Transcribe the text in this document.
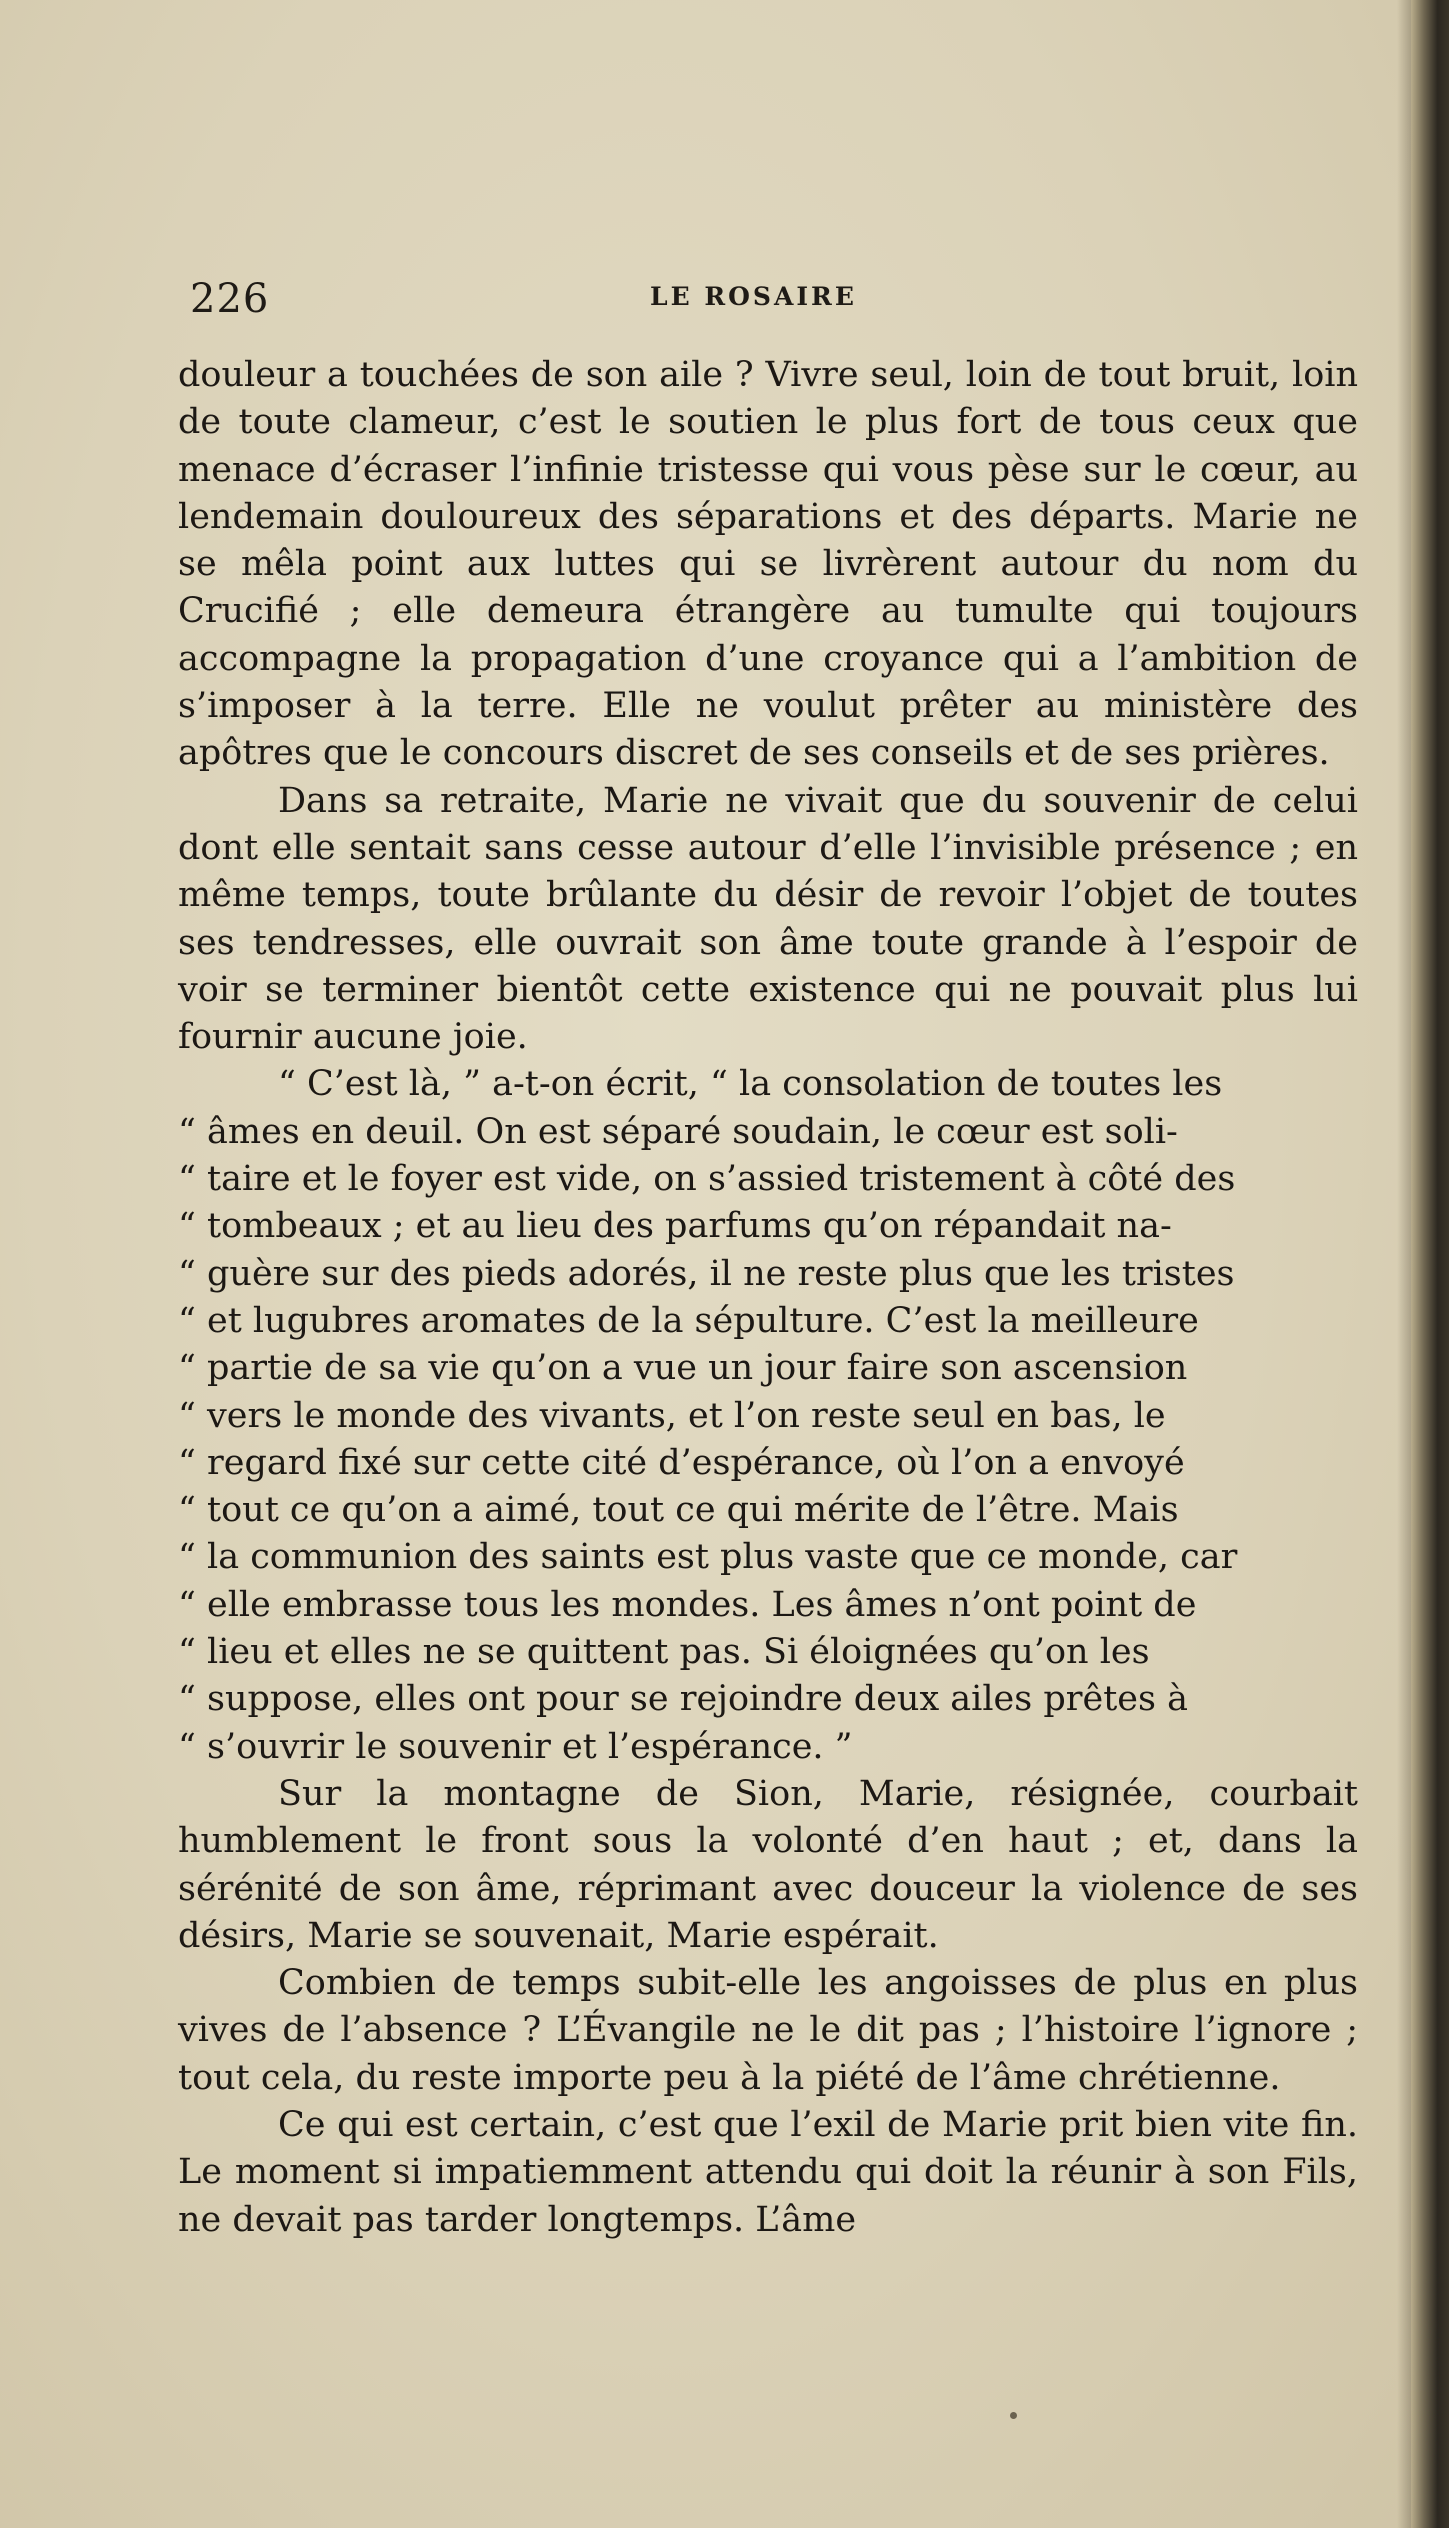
226	LE ROSAIRE

douleur a touchées de son aile ? Vivre seul, loin de tout bruit, loin de toute clameur, c’est le soutien le plus fort de tous ceux que menace d’écraser l’infinie tristesse qui vous pèse sur le cœur, au lendemain douloureux des séparations et des départs. Marie ne se mêla point aux luttes qui se livrèrent autour du nom du Crucifié ; elle demeura étrangère au tumulte qui toujours accompagne la propagation d’une croyance qui a l’ambition de s’imposer à la terre. Elle ne voulut prêter au ministère des apôtres que le concours discret de ses conseils et de ses prières.

Dans sa retraite, Marie ne vivait que du souvenir de celui dont elle sentait sans cesse autour d’elle l’invisible présence ; en même temps, toute brûlante du désir de revoir l’objet de toutes ses tendresses, elle ouvrait son âme toute grande à l’espoir de voir se terminer bientôt cette existence qui ne pouvait plus lui fournir aucune joie.

“ C’est là, ” a-t-on écrit, “ la consolation de toutes les
“ âmes en deuil. On est séparé soudain, le cœur est soli-
“ taire et le foyer est vide, on s’assied tristement à côté des
“ tombeaux ; et au lieu des parfums qu’on répandait na-
“ guère sur des pieds adorés, il ne reste plus que les tristes
“ et lugubres aromates de la sépulture. C’est la meilleure
“ partie de sa vie qu’on a vue un jour faire son ascension
“ vers le monde des vivants, et l’on reste seul en bas, le
“ regard fixé sur cette cité d’espérance, où l’on a envoyé
“ tout ce qu’on a aimé, tout ce qui mérite de l’être. Mais
“ la communion des saints est plus vaste que ce monde, car
“ elle embrasse tous les mondes. Les âmes n’ont point de
“ lieu et elles ne se quittent pas. Si éloignées qu’on les
“ suppose, elles ont pour se rejoindre deux ailes prêtes à
“ s’ouvrir le souvenir et l’espérance. ”

Sur la montagne de Sion, Marie, résignée, courbait humblement le front sous la volonté d’en haut ; et, dans la sérénité de son âme, réprimant avec douceur la violence de ses désirs, Marie se souvenait, Marie espérait.

Combien de temps subit-elle les angoisses de plus en plus vives de l’absence ? L’Évangile ne le dit pas ; l’histoire l’ignore ; tout cela, du reste importe peu à la piété de l’âme chrétienne.

Ce qui est certain, c’est que l’exil de Marie prit bien vite fin. Le moment si impatiemment attendu qui doit la réunir à son Fils, ne devait pas tarder longtemps. L’âme
